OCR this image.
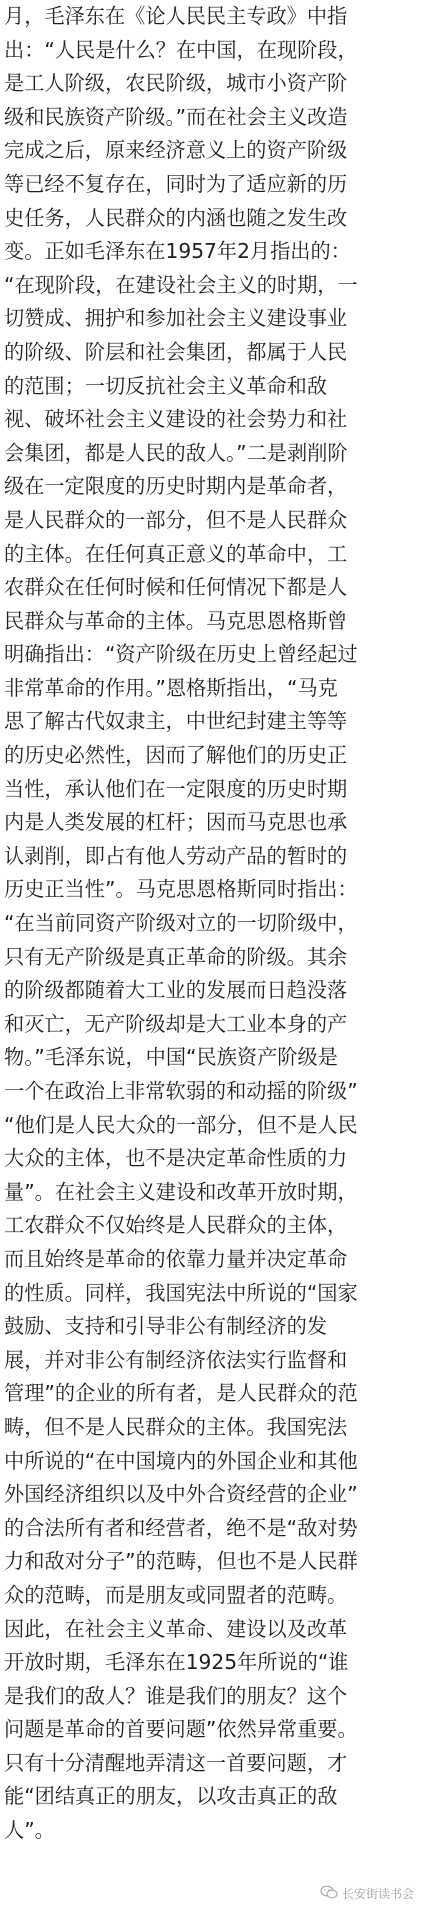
月，毛泽东在《论人民民主专政》中指
出：“人民是什么？在中国，在现阶段，
是工人阶级，农民阶级，城市小资产阶
级和民族资产阶级。”而在社会主义改造
完成之后，原来经济意义上的资产阶级
等已经不复存在，同时为了适应新的历
史任务，人民群众的内涵也随之发生改
变。正如毛泽东在1957年2月指出的：
“在现阶段，在建设社会主义的时期，一
切赞成、拥护和参加社会主义建设事业
的阶级、阶层和社会集团，都属于人民
的范围；一切反抗社会主义革命和敌
视、破坏社会主义建设的社会势力和社
会集团，都是人民的敌人。”二是剥削阶
级在一定限度的历史时期内是革命者，
是人民群众的一部分，但不是人民群众
的主体。在任何真正意义的革命中，工
农群众在任何时候和任何情况下都是人
民群众与革命的主体。马克思恩格斯曾
明确指出：“资产阶级在历史上曾经起过
非常革命的作用。”恩格斯指出，“马克
思了解古代奴隶主，中世纪封建主等等
的历史必然性，因而了解他们的历史正
当性，承认他们在一定限度的历史时期
内是人类发展的杠杆；因而马克思也承
认剥削，即占有他人劳动产品的暂时的
历史正当性”。马克思恩格斯同时指出：
“在当前同资产阶级对立的一切阶级中，
只有无产阶级是真正革命的阶级。其余
的阶级都随着大工业的发展而日趋没落
和灭亡，无产阶级却是大工业本身的产
物。”毛泽东说，中国“民族资产阶级是
一个在政治上非常软弱的和动摇的阶级”
“他们是人民大众的一部分，但不是人民
大众的主体，也不是决定革命性质的力
量”。在社会主义建设和改革开放时期，
工农群众不仅始终是人民群众的主体，
而且始终是革命的依靠力量并决定革命
的性质。同样，我国宪法中所说的“国家
鼓励、支持和引导非公有制经济的发
展，并对非公有制经济依法实行监督和
管理”的企业的所有者，是人民群众的范
畴，但不是人民群众的主体。我国宪法
中所说的“在中国境内的外国企业和其他
外国经济组织以及中外合资经营的企业”
的合法所有者和经营者，绝不是“敌对势
力和敌对分子”的范畴，但也不是人民群
众的范畴，而是朋友或同盟者的范畴。
因此，在社会主义革命、建设以及改革
开放时期，毛泽东在1925年所说的“谁
是我们的敌人？谁是我们的朋友？这个
问题是革命的首要问题”依然异常重要。
只有十分清醒地弄清这一首要问题，才
能“团结真正的朋友，以攻击真正的敌
人”。
长安街读书会
